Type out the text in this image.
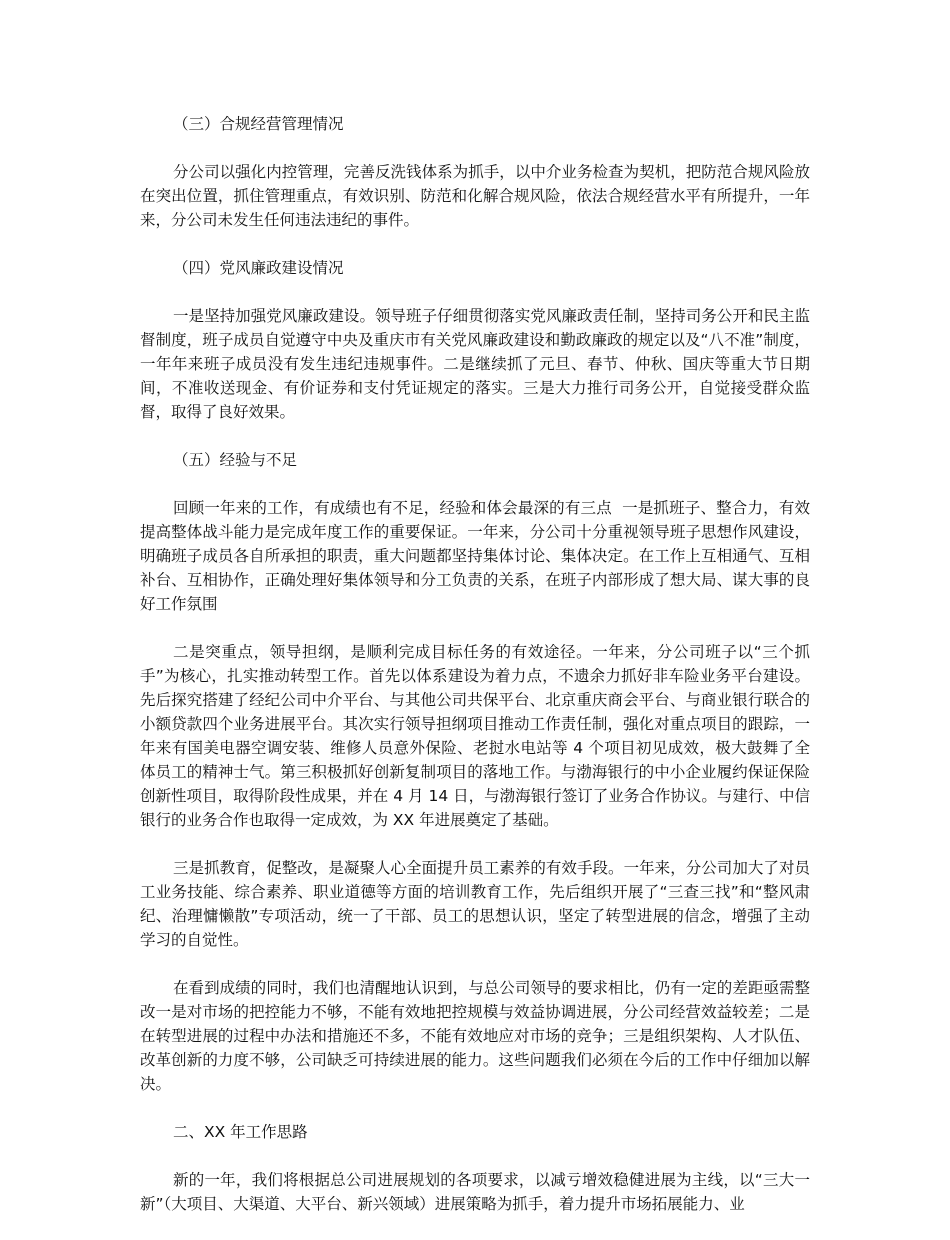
（三）合规经营管理情况

分公司以强化内控管理，完善反洗钱体系为抓手，以中介业务检查为契机，把防范合规风险放在突出位置，抓住管理重点，有效识别、防范和化解合规风险，依法合规经营水平有所提升，一年来，分公司未发生任何违法违纪的事件。

（四）党风廉政建设情况

一是坚持加强党风廉政建设。领导班子仔细贯彻落实党风廉政责任制，坚持司务公开和民主监督制度，班子成员自觉遵守中央及重庆市有关党风廉政建设和勤政廉政的规定以及“八不准”制度，一年年来班子成员没有发生违纪违规事件。二是继续抓了元旦、春节、仲秋、国庆等重大节日期间，不准收送现金、有价证券和支付凭证规定的落实。三是大力推行司务公开，自觉接受群众监督，取得了良好效果。

（五）经验与不足

回顾一年来的工作，有成绩也有不足，经验和体会最深的有三点  一是抓班子、整合力，有效提高整体战斗能力是完成年度工作的重要保证。一年来，分公司十分重视领导班子思想作风建设，明确班子成员各自所承担的职责，重大问题都坚持集体讨论、集体决定。在工作上互相通气、互相补台、互相协作，正确处理好集体领导和分工负责的关系，在班子内部形成了想大局、谋大事的良好工作氛围

二是突重点，领导担纲，是顺利完成目标任务的有效途径。一年来，分公司班子以“三个抓手”为核心，扎实推动转型工作。首先以体系建设为着力点，不遗余力抓好非车险业务平台建设。先后探究搭建了经纪公司中介平台、与其他公司共保平台、北京重庆商会平台、与商业银行联合的小额贷款四个业务进展平台。其次实行领导担纲项目推动工作责任制，强化对重点项目的跟踪，一年来有国美电器空调安装、维修人员意外保险、老挝水电站等 4 个项目初见成效，极大鼓舞了全体员工的精神士气。第三积极抓好创新复制项目的落地工作。与渤海银行的中小企业履约保证保险创新性项目，取得阶段性成果，并在 4 月 14 日，与渤海银行签订了业务合作协议。与建行、中信银行的业务合作也取得一定成效，为 XX 年进展奠定了基础。

三是抓教育，促整改，是凝聚人心全面提升员工素养的有效手段。一年来，分公司加大了对员工业务技能、综合素养、职业道德等方面的培训教育工作，先后组织开展了“三查三找”和“整风肃纪、治理慵懒散”专项活动，统一了干部、员工的思想认识，坚定了转型进展的信念，增强了主动学习的自觉性。

在看到成绩的同时，我们也清醒地认识到，与总公司领导的要求相比，仍有一定的差距亟需整改一是对市场的把控能力不够，不能有效地把控规模与效益协调进展，分公司经营效益较差；二是在转型进展的过程中办法和措施还不多，不能有效地应对市场的竞争；三是组织架构、人才队伍、改革创新的力度不够，公司缺乏可持续进展的能力。这些问题我们必须在今后的工作中仔细加以解决。

二、XX 年工作思路

新的一年，我们将根据总公司进展规划的各项要求，以减亏增效稳健进展为主线，以“三大一新”（大项目、大渠道、大平台、新兴领域）进展策略为抓手，着力提升市场拓展能力、业
